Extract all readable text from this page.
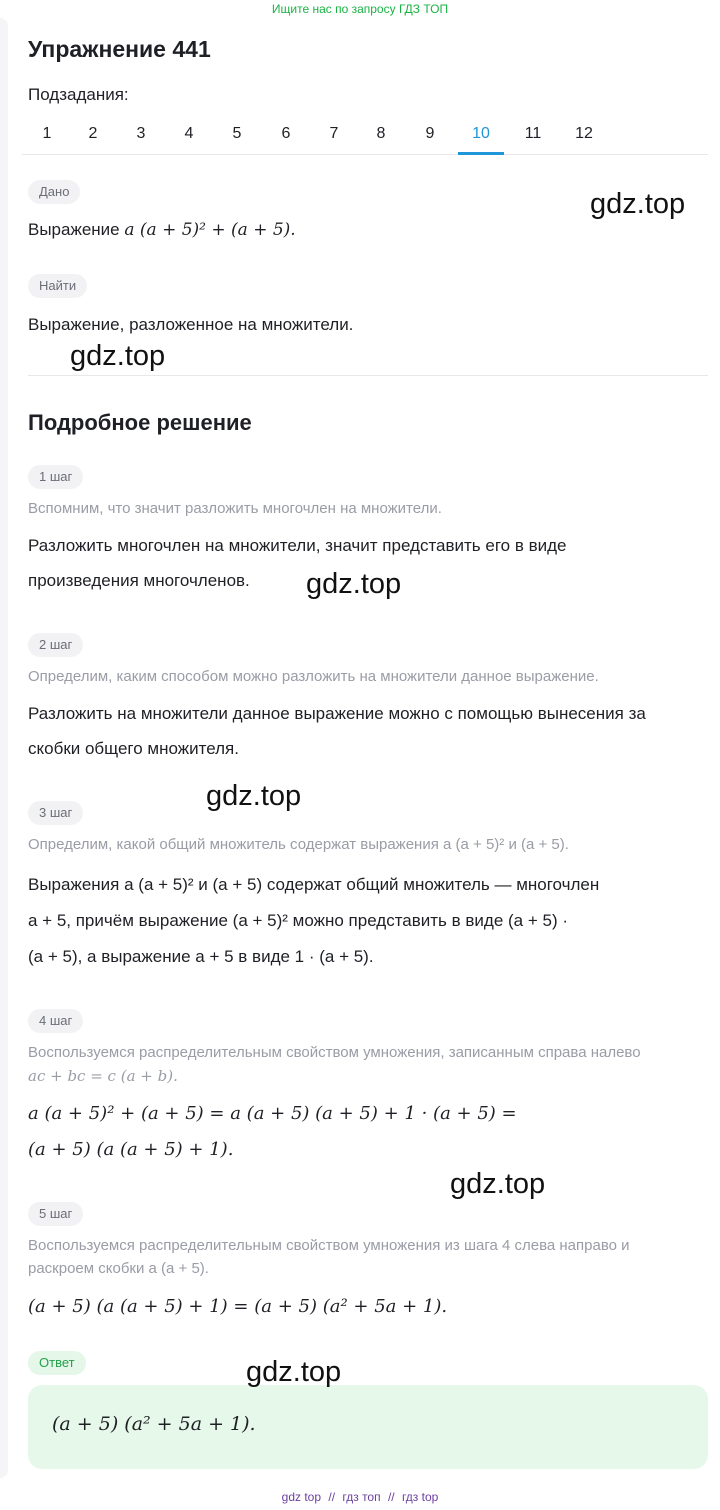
Ищите нас по запросу ГДЗ ТОП
Упражнение 441
Подзадания:
1	2	3	4	5	6	7	8	9	10	11	12
Дано
Выражение a (a + 5)² + (a + 5).
Найти
Выражение, разложенное на множители.
Подробное решение
1 шаг
Вспомним, что значит разложить многочлен на множители.
Разложить многочлен на множители, значит представить его в виде
произведения многочленов.
2 шаг
Определим, каким способом можно разложить на множители данное выражение.
Разложить на множители данное выражение можно с помощью вынесения за
скобки общего множителя.
3 шаг
Определим, какой общий множитель содержат выражения a (a + 5)² и (a + 5).
Выражения a (a + 5)² и (a + 5) содержат общий множитель — многочлен
a + 5, причём выражение (a + 5)² можно представить в виде (a + 5) ·
(a + 5), а выражение a + 5 в виде 1 · (a + 5).
4 шаг
Воспользуемся распределительным свойством умножения, записанным справа налево
ac + bc = c (a + b).
a (a + 5)² + (a + 5) = a (a + 5) (a + 5) + 1 · (a + 5) =
(a + 5) (a (a + 5) + 1).
5 шаг
Воспользуемся распределительным свойством умножения из шага 4 слева направо и
раскроем скобки a (a + 5).
(a + 5) (a (a + 5) + 1) = (a + 5) (a² + 5a + 1).
Ответ
(a + 5) (a² + 5a + 1).
gdz.top
gdz.top
gdz.top
gdz.top
gdz.top
gdz.top
gdz top // гдз топ // гдз top
